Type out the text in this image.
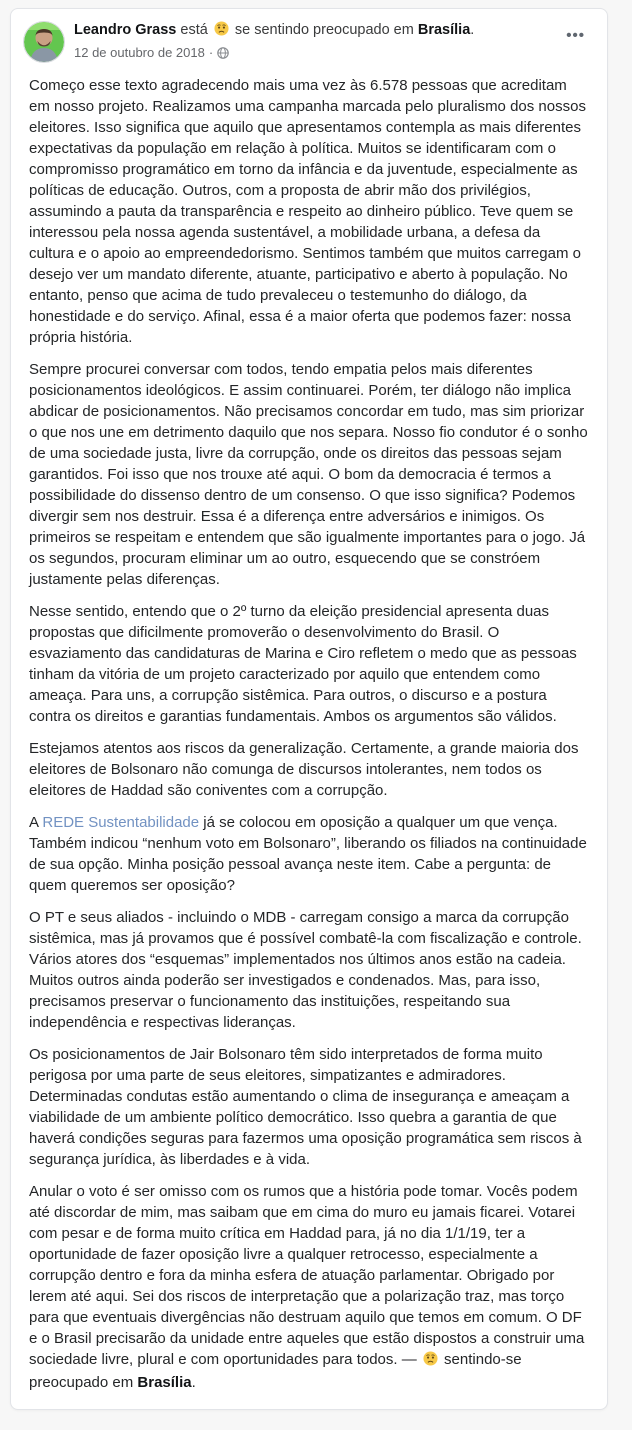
Leandro Grass está se sentindo preocupado em Brasília.
12 de outubro de 2018 ·
•••

Começo esse texto agradecendo mais uma vez às 6.578 pessoas que acreditam em nosso projeto. Realizamos uma campanha marcada pelo pluralismo dos nossos eleitores. Isso significa que aquilo que apresentamos contempla as mais diferentes expectativas da população em relação à política. Muitos se identificaram com o compromisso programático em torno da infância e da juventude, especialmente as políticas de educação. Outros, com a proposta de abrir mão dos privilégios, assumindo a pauta da transparência e respeito ao dinheiro público. Teve quem se interessou pela nossa agenda sustentável, a mobilidade urbana, a defesa da cultura e o apoio ao empreendedorismo. Sentimos também que muitos carregam o desejo ver um mandato diferente, atuante, participativo e aberto à população. No entanto, penso que acima de tudo prevaleceu o testemunho do diálogo, da honestidade e do serviço. Afinal, essa é a maior oferta que podemos fazer: nossa própria história.

Sempre procurei conversar com todos, tendo empatia pelos mais diferentes posicionamentos ideológicos. E assim continuarei. Porém, ter diálogo não implica abdicar de posicionamentos. Não precisamos concordar em tudo, mas sim priorizar o que nos une em detrimento daquilo que nos separa. Nosso fio condutor é o sonho de uma sociedade justa, livre da corrupção, onde os direitos das pessoas sejam garantidos. Foi isso que nos trouxe até aqui. O bom da democracia é termos a possibilidade do dissenso dentro de um consenso. O que isso significa? Podemos divergir sem nos destruir. Essa é a diferença entre adversários e inimigos. Os primeiros se respeitam e entendem que são igualmente importantes para o jogo. Já os segundos, procuram eliminar um ao outro, esquecendo que se constróem justamente pelas diferenças.

Nesse sentido, entendo que o 2º turno da eleição presidencial apresenta duas propostas que dificilmente promoverão o desenvolvimento do Brasil. O esvaziamento das candidaturas de Marina e Ciro refletem o medo que as pessoas tinham da vitória de um projeto caracterizado por aquilo que entendem como ameaça. Para uns, a corrupção sistêmica. Para outros, o discurso e a postura contra os direitos e garantias fundamentais. Ambos os argumentos são válidos.

Estejamos atentos aos riscos da generalização. Certamente, a grande maioria dos eleitores de Bolsonaro não comunga de discursos intolerantes, nem todos os eleitores de Haddad são coniventes com a corrupção.

A REDE Sustentabilidade já se colocou em oposição a qualquer um que vença. Também indicou “nenhum voto em Bolsonaro”, liberando os filiados na continuidade de sua opção. Minha posição pessoal avança neste item. Cabe a pergunta: de quem queremos ser oposição?

O PT e seus aliados - incluindo o MDB - carregam consigo a marca da corrupção sistêmica, mas já provamos que é possível combatê-la com fiscalização e controle. Vários atores dos “esquemas” implementados nos últimos anos estão na cadeia. Muitos outros ainda poderão ser investigados e condenados. Mas, para isso, precisamos preservar o funcionamento das instituições, respeitando sua independência e respectivas lideranças.

Os posicionamentos de Jair Bolsonaro têm sido interpretados de forma muito perigosa por uma parte de seus eleitores, simpatizantes e admiradores. Determinadas condutas estão aumentando o clima de insegurança e ameaçam a viabilidade de um ambiente político democrático. Isso quebra a garantia de que haverá condições seguras para fazermos uma oposição programática sem riscos à segurança jurídica, às liberdades e à vida.

Anular o voto é ser omisso com os rumos que a história pode tomar. Vocês podem até discordar de mim, mas saibam que em cima do muro eu jamais ficarei. Votarei com pesar e de forma muito crítica em Haddad para, já no dia 1/1/19, ter a oportunidade de fazer oposição livre a qualquer retrocesso, especialmente a corrupção dentro e fora da minha esfera de atuação parlamentar. Obrigado por lerem até aqui. Sei dos riscos de interpretação que a polarização traz, mas torço para que eventuais divergências não destruam aquilo que temos em comum. O DF e o Brasil precisarão da unidade entre aqueles que estão dispostos a construir uma sociedade livre, plural e com oportunidades para todos. —  sentindo-se preocupado em Brasília.
